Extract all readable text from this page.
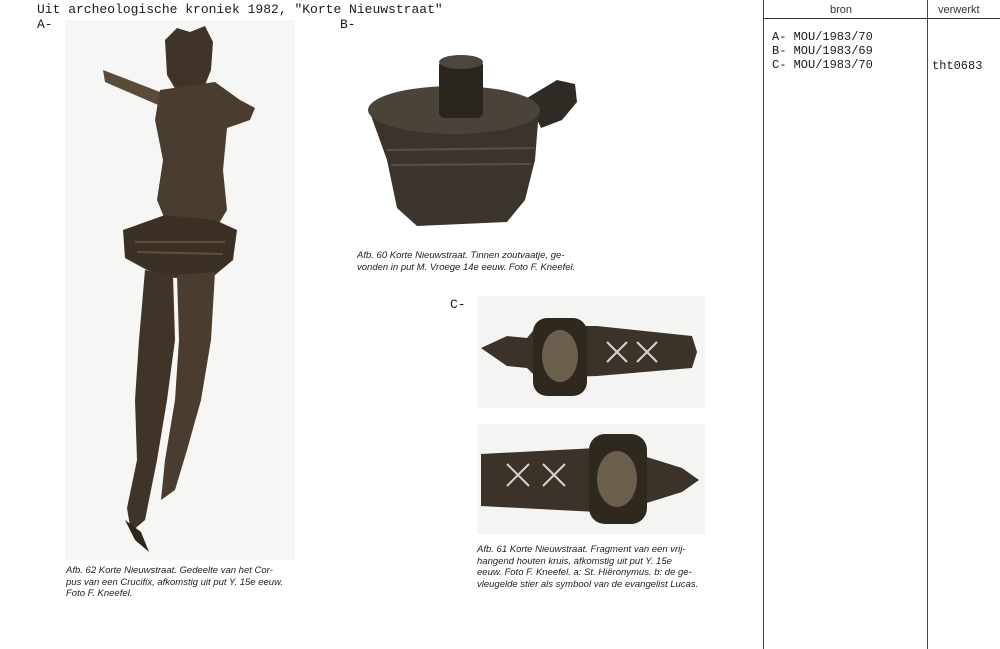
Uit archeologische kroniek 1982, "Korte Nieuwstraat"
A-	B-
C-
Afb. 62 Korte Nieuwstraat. Gedeelte van het Cor-
pus van een Crucifix, afkomstig uit put Y. 15e eeuw.
Foto F. Kneefel.
Afb. 60 Korte Nieuwstraat. Tinnen zoutvaatje, ge-
vonden in put M. Vroege 14e eeuw. Foto F. Kneefel.
Afb. 61 Korte Nieuwstraat. Fragment van een vrij-
hangend houten kruis, afkomstig uit put Y. 15e
eeuw. Foto F. Kneefel. a: St. Hiëronymus. b: de ge-
vleugelde stier als symbool van de evangelist Lucas.
bron	verwerkt
A- MOU/1983/70
B- MOU/1983/69
C- MOU/1983/70	tht0683
